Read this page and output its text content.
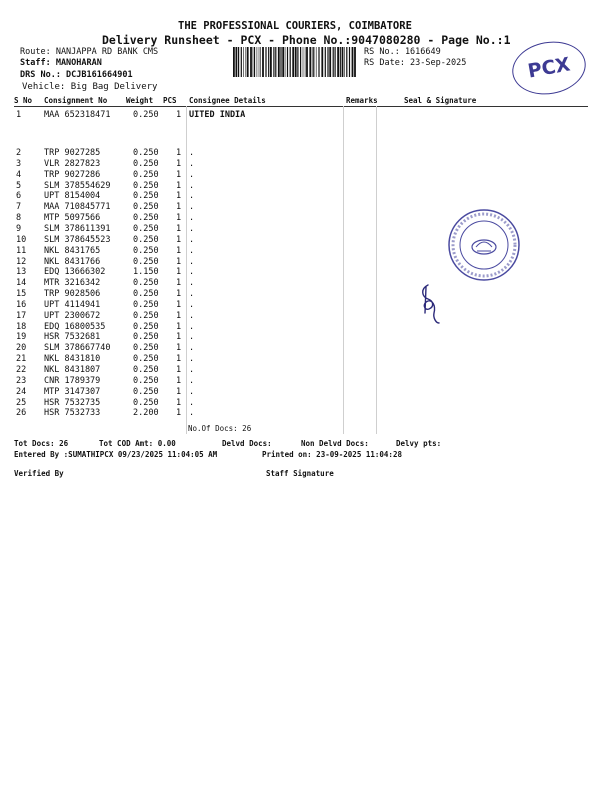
THE PROFESSIONAL COURIERS, COIMBATORE
Delivery Runsheet - PCX - Phone No.:9047080280 - Page No.:1
Route: NANJAPPA RD BANK CMS
Staff: MANOHARAN
DRS No.: DCJB161664901
Vehicle: Big Bag Delivery
RS No.: 1616649
RS Date: 23-Sep-2025	PCX
S No Consignment No	Weight PCS Consignee Details	Remarks	Seal & Signature
1	MAA 652318471	0.250 1 UITED INDIA
2	TRP 9027285	0.250 1 .
3	VLR 2827823	0.250 1 .
4	TRP 9027286	0.250 1 .
5	SLM 378554629	0.250 1 .
6	UPT 8154004	0.250 1 .
7	MAA 710845771	0.250 1 .
8	MTP 5097566	0.250 1 .
9	SLM 378611391	0.250 1 .
10 SLM 378645523	0.250 1 .
11 NKL 8431765	0.250 1 .
12 NKL 8431766	0.250 1 .
13 EDQ 13666302	1.150 1 .
14 MTR 3216342	0.250 1 .
15 TRP 9028506	0.250 1 .
16 UPT 4114941	0.250 1 .
17 UPT 2300672	0.250 1 .
18 EDQ 16800535	0.250 1 .
19 HSR 7532681	0.250 1 .
20 SLM 378667740	0.250 1 .
21 NKL 8431810	0.250 1 .
22 NKL 8431807	0.250 1 .
23 CNR 1789379	0.250 1 .
24 MTP 3147307	0.250 1 .
25 HSR 7532735	0.250 1 .
26 HSR 7532733	2.200 1 .
No.Of Docs: 26
Tot Docs: 26	Tot COD Amt: 0.00	Delvd Docs:	Non Delvd Docs:	Delvy pts:
Entered By :SUMATHIPCX 09/23/2025 11:04:05 AM	Printed on: 23-09-2025 11:04:28
Verified By	Staff Signature
